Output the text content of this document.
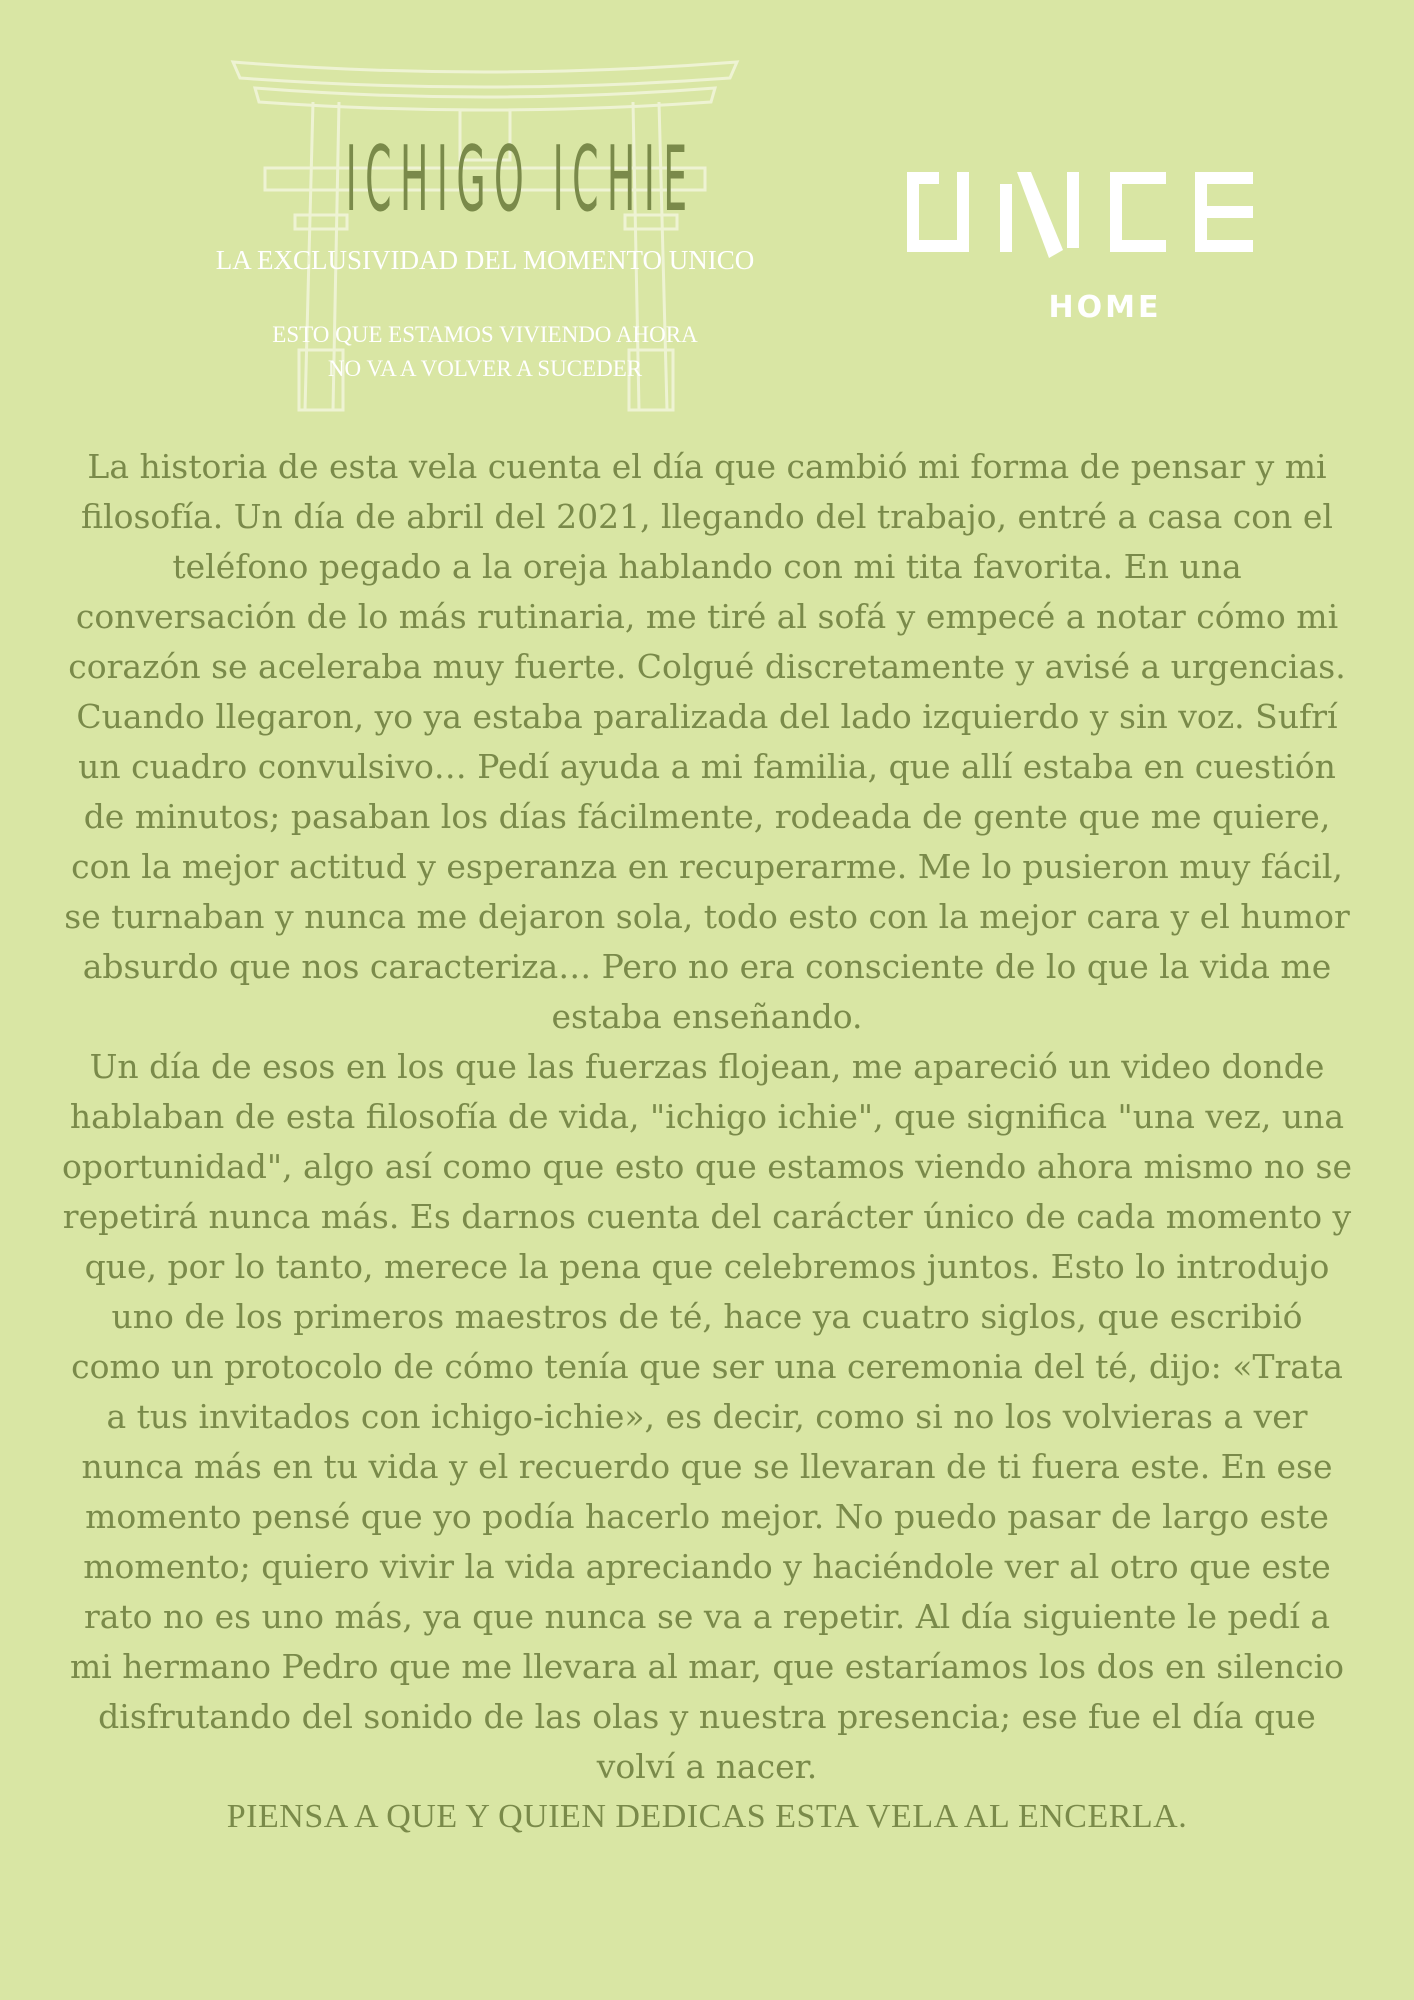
ICHIGO ICHIE
LA EXCLUSIVIDAD DEL MOMENTO UNICO
ESTO QUE ESTAMOS VIVIENDO AHORA
NO VA A VOLVER A SUCEDER
HOME

La historia de esta vela cuenta el día que cambió mi forma de pensar y mi filosofía. Un día de abril del 2021, llegando del trabajo, entré a casa con el teléfono pegado a la oreja hablando con mi tita favorita. En una conversación de lo más rutinaria, me tiré al sofá y empecé a notar cómo mi corazón se aceleraba muy fuerte. Colgué discretamente y avisé a urgencias. Cuando llegaron, yo ya estaba paralizada del lado izquierdo y sin voz. Sufrí un cuadro convulsivo… Pedí ayuda a mi familia, que allí estaba en cuestión de minutos; pasaban los días fácilmente, rodeada de gente que me quiere, con la mejor actitud y esperanza en recuperarme. Me lo pusieron muy fácil, se turnaban y nunca me dejaron sola, todo esto con la mejor cara y el humor absurdo que nos caracteriza… Pero no era consciente de lo que la vida me estaba enseñando.

Un día de esos en los que las fuerzas flojean, me apareció un video donde hablaban de esta filosofía de vida, "ichigo ichie", que significa "una vez, una oportunidad", algo así como que esto que estamos viendo ahora mismo no se repetirá nunca más. Es darnos cuenta del carácter único de cada momento y que, por lo tanto, merece la pena que celebremos juntos. Esto lo introdujo uno de los primeros maestros de té, hace ya cuatro siglos, que escribió como un protocolo de cómo tenía que ser una ceremonia del té, dijo: «Trata a tus invitados con ichigo-ichie», es decir, como si no los volvieras a ver nunca más en tu vida y el recuerdo que se llevaran de ti fuera este. En ese momento pensé que yo podía hacerlo mejor. No puedo pasar de largo este momento; quiero vivir la vida apreciando y haciéndole ver al otro que este rato no es uno más, ya que nunca se va a repetir. Al día siguiente le pedí a mi hermano Pedro que me llevara al mar, que estaríamos los dos en silencio disfrutando del sonido de las olas y nuestra presencia; ese fue el día que volví a nacer.

PIENSA A QUE Y QUIEN DEDICAS ESTA VELA AL ENCERLA.
